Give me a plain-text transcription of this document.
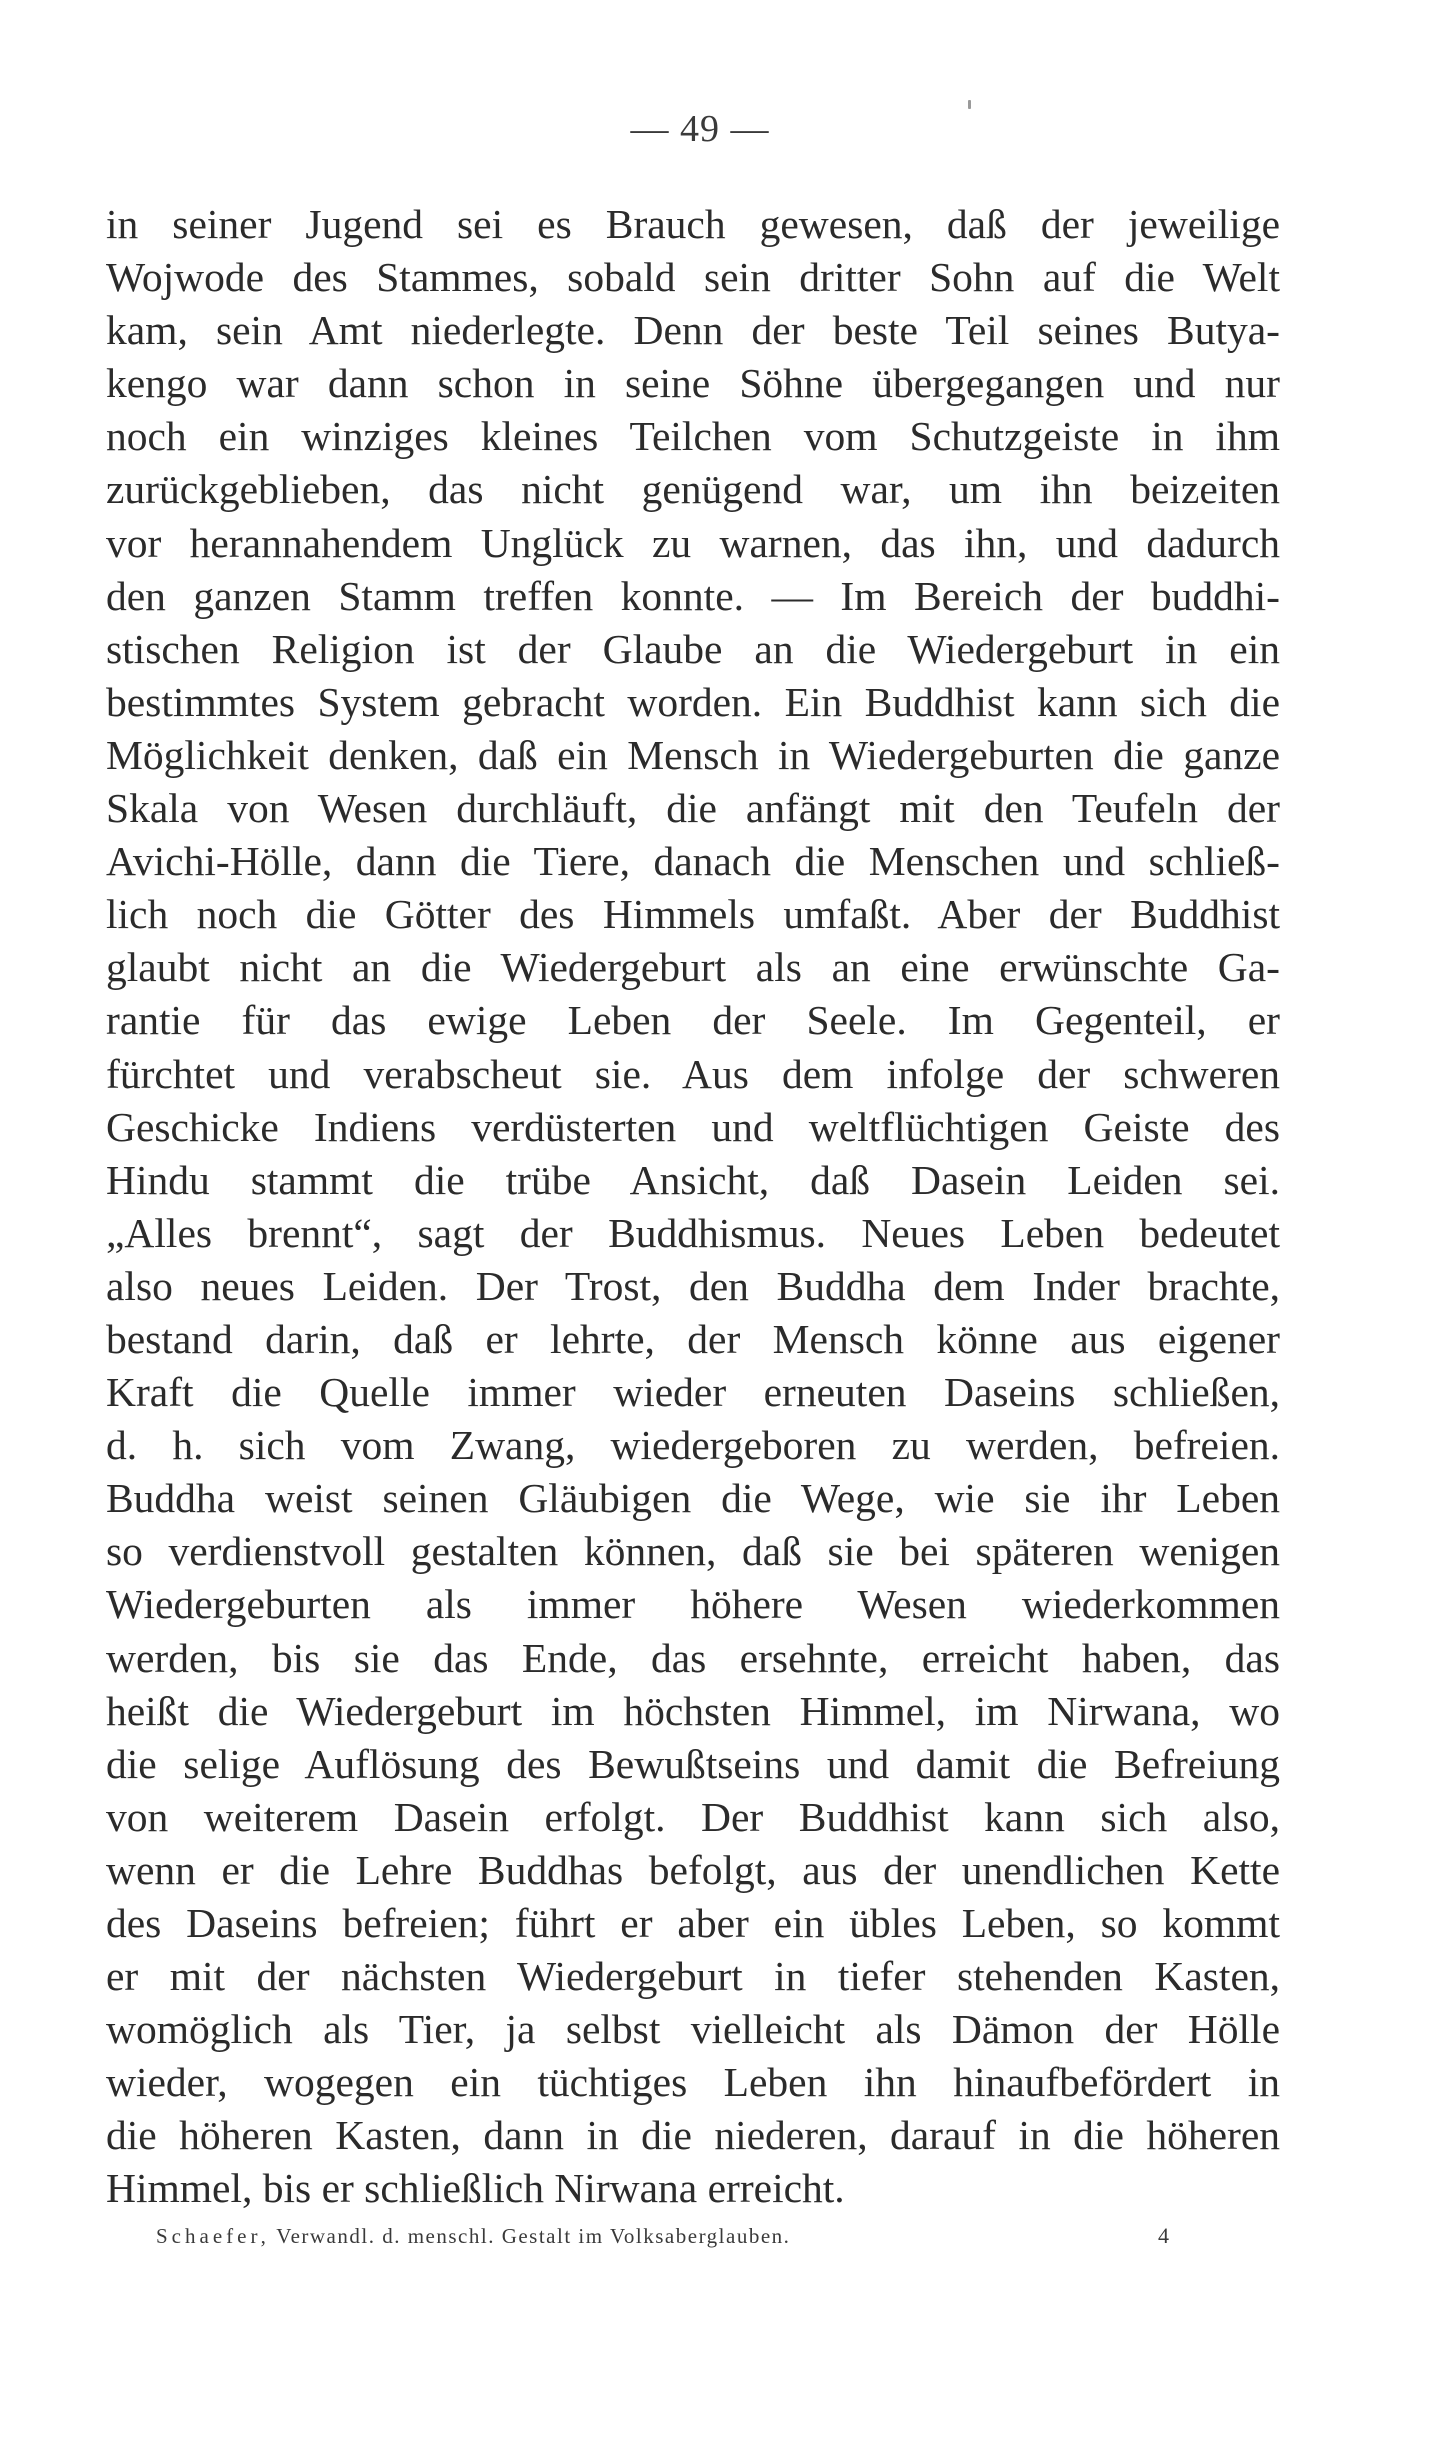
— 49 —
in seiner Jugend sei es Brauch gewesen, daß der jeweilige
Wojwode des Stammes, sobald sein dritter Sohn auf die Welt
kam, sein Amt niederlegte. Denn der beste Teil seines Butya-
kengo war dann schon in seine Söhne übergegangen und nur
noch ein winziges kleines Teilchen vom Schutzgeiste in ihm
zurückgeblieben, das nicht genügend war, um ihn beizeiten
vor herannahendem Unglück zu warnen, das ihn, und dadurch
den ganzen Stamm treffen konnte. — Im Bereich der buddhi-
stischen Religion ist der Glaube an die Wiedergeburt in ein
bestimmtes System gebracht worden. Ein Buddhist kann sich die
Möglichkeit denken, daß ein Mensch in Wiedergeburten die ganze
Skala von Wesen durchläuft, die anfängt mit den Teufeln der
Avichi-Hölle, dann die Tiere, danach die Menschen und schließ-
lich noch die Götter des Himmels umfaßt. Aber der Buddhist
glaubt nicht an die Wiedergeburt als an eine erwünschte Ga-
rantie für das ewige Leben der Seele. Im Gegenteil, er
fürchtet und verabscheut sie. Aus dem infolge der schweren
Geschicke Indiens verdüsterten und weltflüchtigen Geiste des
Hindu stammt die trübe Ansicht, daß Dasein Leiden sei.
„Alles brennt“, sagt der Buddhismus. Neues Leben bedeutet
also neues Leiden. Der Trost, den Buddha dem Inder brachte,
bestand darin, daß er lehrte, der Mensch könne aus eigener
Kraft die Quelle immer wieder erneuten Daseins schließen,
d. h. sich vom Zwang, wiedergeboren zu werden, befreien.
Buddha weist seinen Gläubigen die Wege, wie sie ihr Leben
so verdienstvoll gestalten können, daß sie bei späteren wenigen
Wiedergeburten als immer höhere Wesen wiederkommen
werden, bis sie das Ende, das ersehnte, erreicht haben, das
heißt die Wiedergeburt im höchsten Himmel, im Nirwana, wo
die selige Auflösung des Bewußtseins und damit die Befreiung
von weiterem Dasein erfolgt. Der Buddhist kann sich also,
wenn er die Lehre Buddhas befolgt, aus der unendlichen Kette
des Daseins befreien; führt er aber ein übles Leben, so kommt
er mit der nächsten Wiedergeburt in tiefer stehenden Kasten,
womöglich als Tier, ja selbst vielleicht als Dämon der Hölle
wieder, wogegen ein tüchtiges Leben ihn hinaufbefördert in
die höheren Kasten, dann in die niederen, darauf in die höheren
Himmel, bis er schließlich Nirwana erreicht.
Schaefer, Verwandl. d. menschl. Gestalt im Volksaberglauben.	4
